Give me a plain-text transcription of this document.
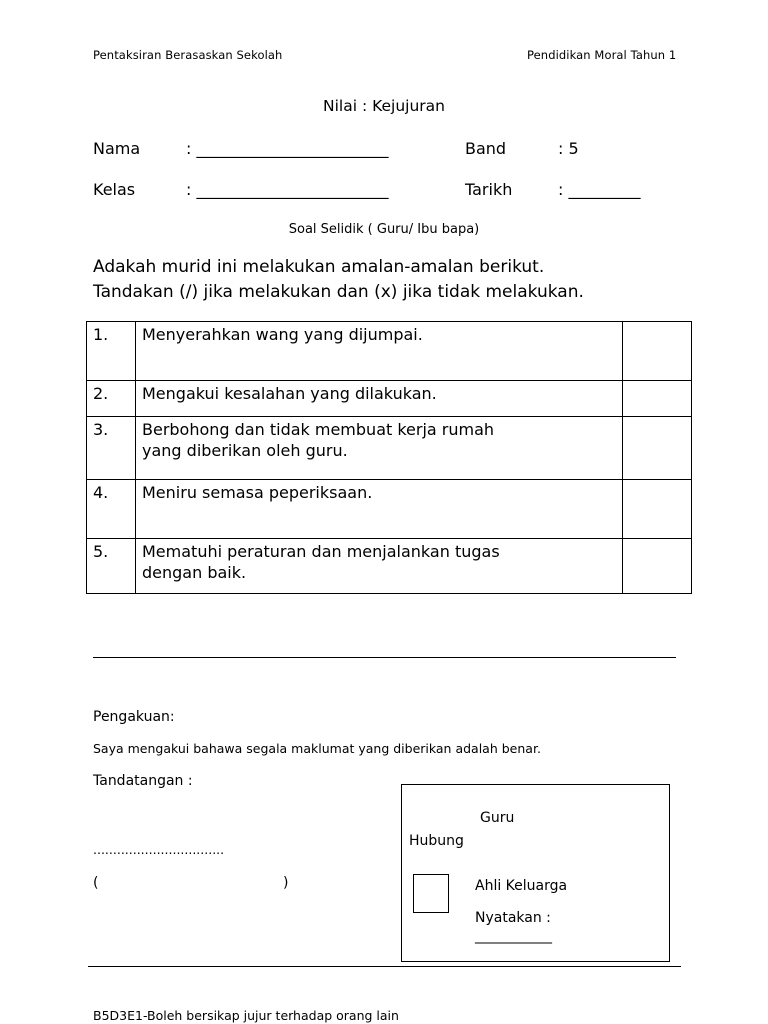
Pentaksiran Berasaskan Sekolah	Pendidikan Moral Tahun 1
Nilai : Kejujuran
Nama	: ________________________	Band	: 5
Kelas	: ________________________	Tarikh	: _________
Soal Selidik ( Guru/ Ibu bapa)
Adakah murid ini melakukan amalan-amalan berikut.
Tandakan (/) jika melakukan dan (x) jika tidak melakukan.
1.	Menyerahkan wang yang dijumpai.	

2.	Mengakui kesalahan yang dilakukan.	

3.	Berbohong dan tidak membuat kerja rumah
yang diberikan oleh guru.	

4.	Meniru semasa peperiksaan.	

5.	Mematuhi peraturan dan menjalankan tugas
dengan baik.	

Pengakuan:
Saya mengakui bahawa segala maklumat yang diberikan adalah benar.
Tandatangan :
.................................
(	)
Guru
Hubung
Ahli Keluarga
Nyatakan :
___________
B5D3E1-Boleh bersikap jujur terhadap orang lain
